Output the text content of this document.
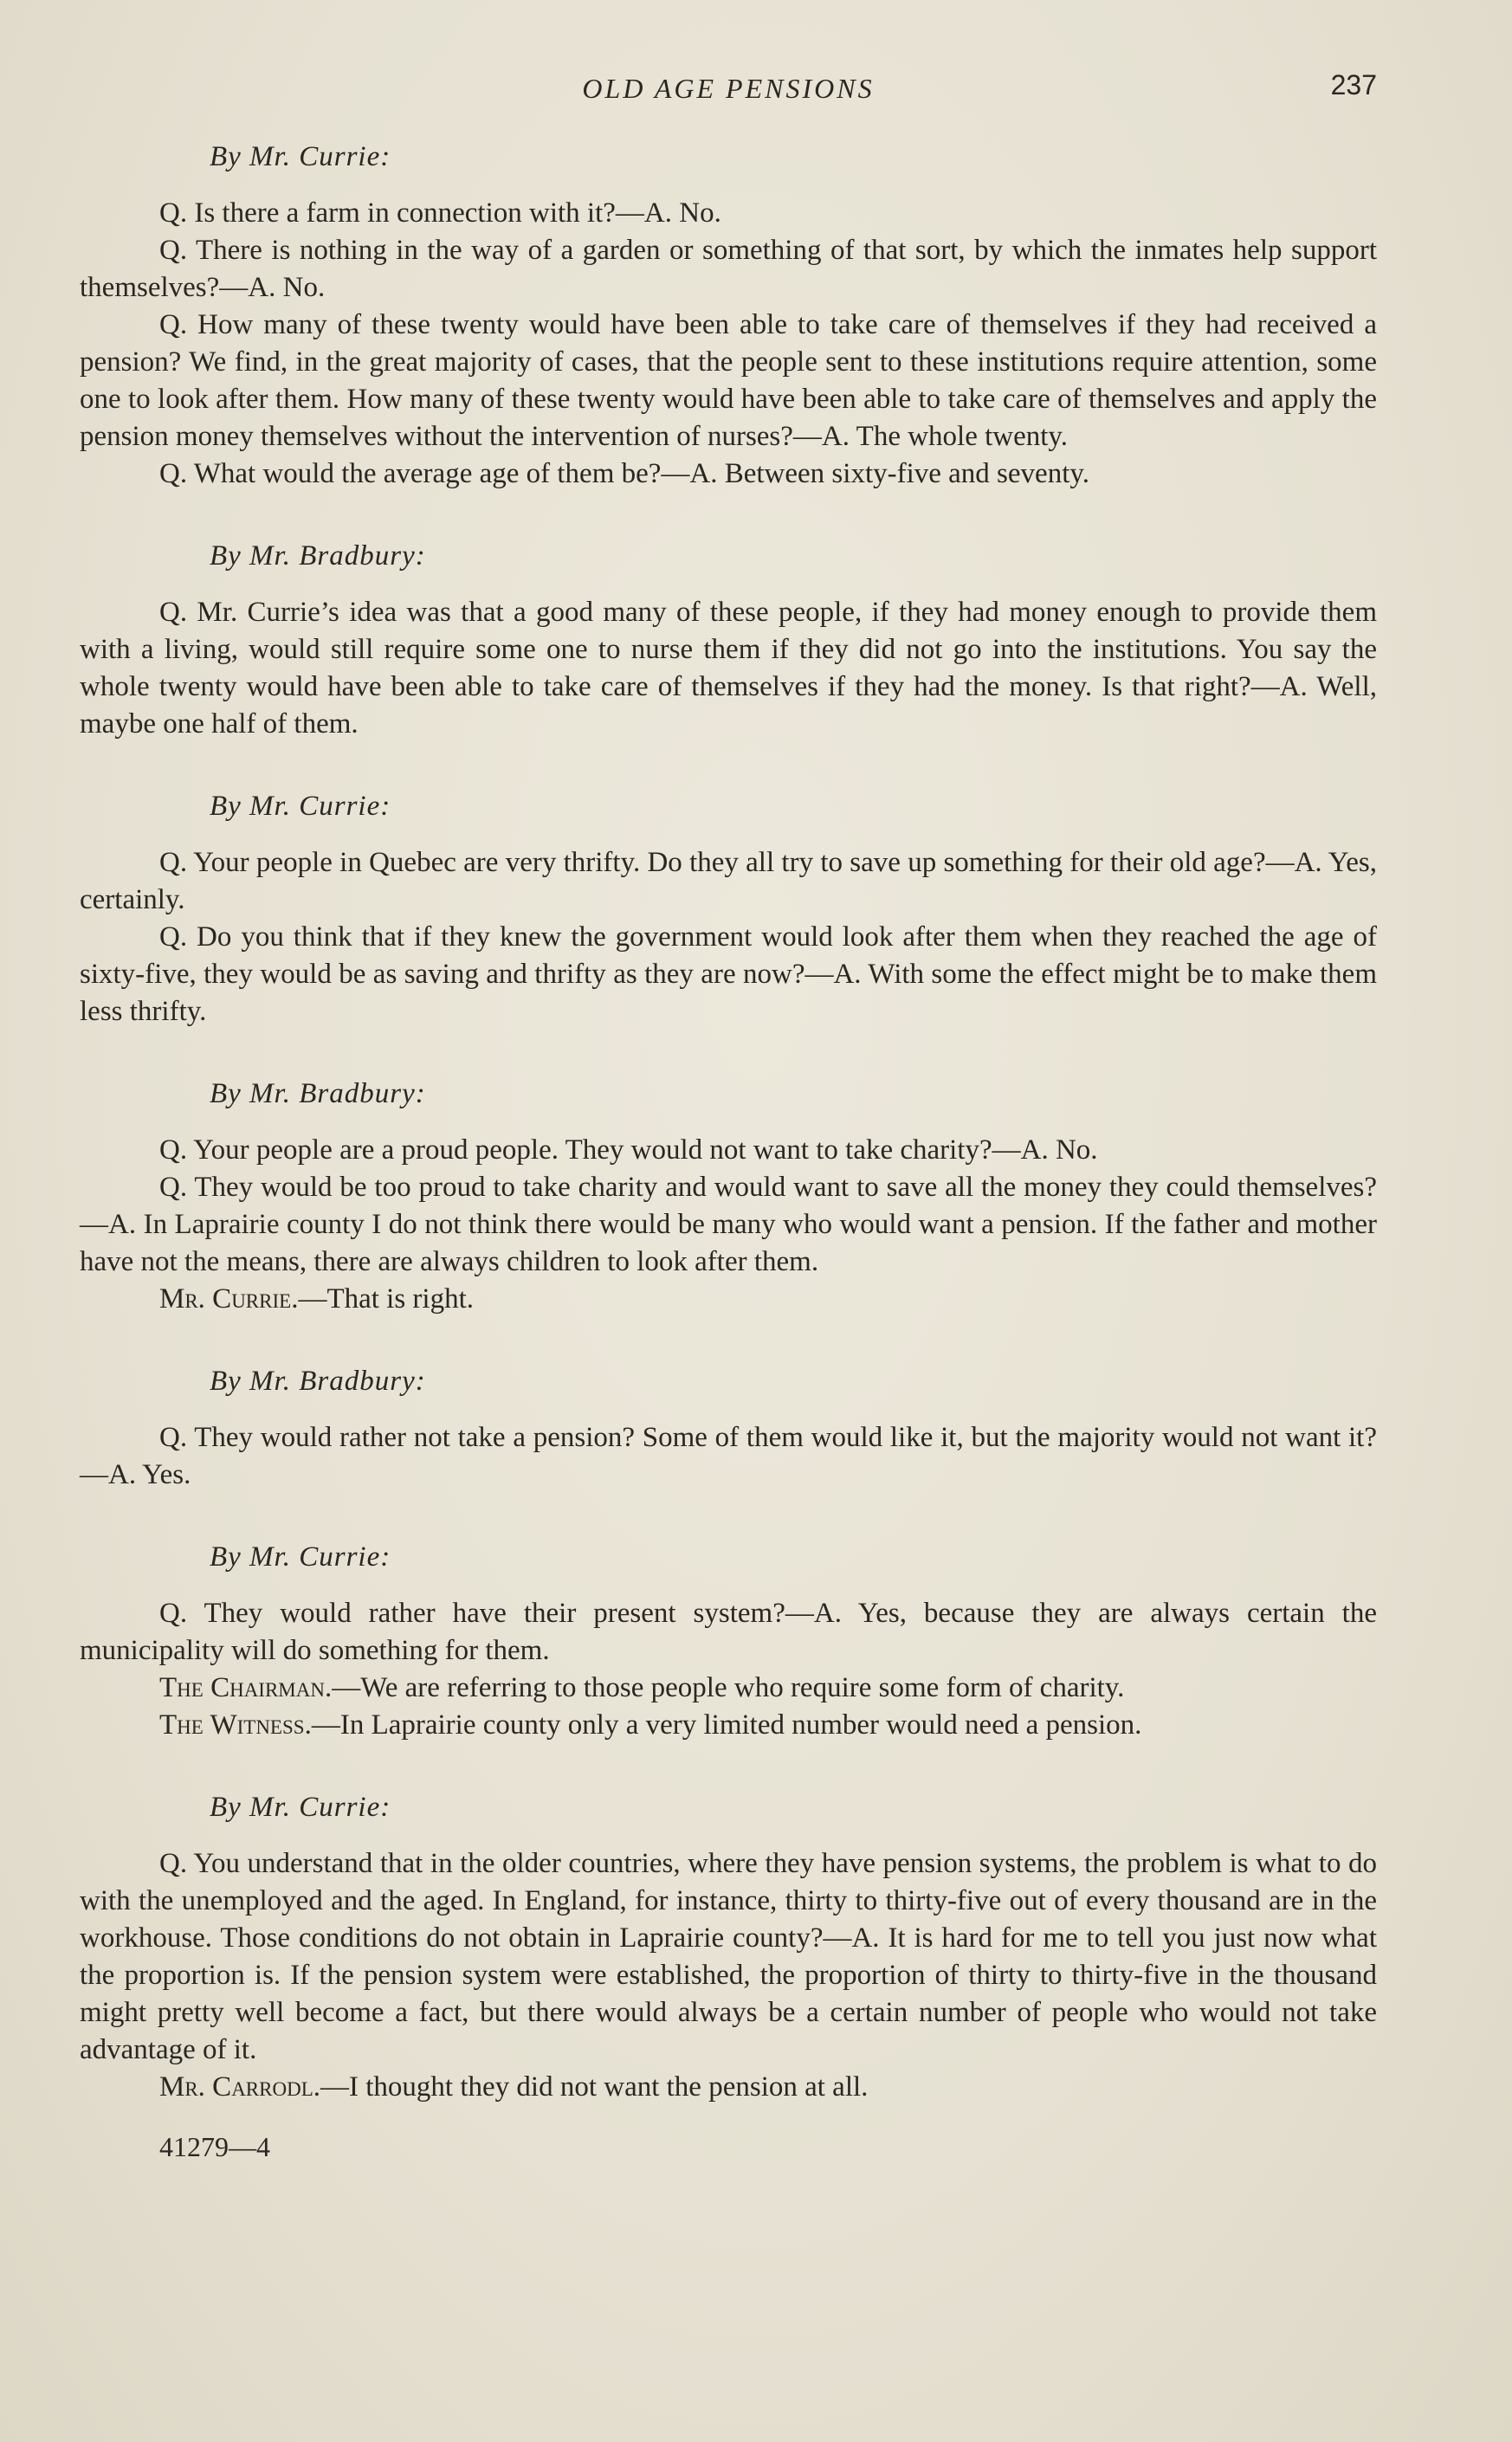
OLD AGE PENSIONS	237

By Mr. Currie:

Q. Is there a farm in connection with it?—A. No.

Q. There is nothing in the way of a garden or something of that sort, by which the inmates help support themselves?—A. No.

Q. How many of these twenty would have been able to take care of themselves if they had received a pension? We find, in the great majority of cases, that the people sent to these institutions require attention, some one to look after them. How many of these twenty would have been able to take care of themselves and apply the pension money themselves without the intervention of nurses?—A. The whole twenty.

Q. What would the average age of them be?—A. Between sixty-five and seventy.

By Mr. Bradbury:

Q. Mr. Currie’s idea was that a good many of these people, if they had money enough to provide them with a living, would still require some one to nurse them if they did not go into the institutions. You say the whole twenty would have been able to take care of themselves if they had the money. Is that right?—A. Well, maybe one half of them.

By Mr. Currie:

Q. Your people in Quebec are very thrifty. Do they all try to save up something for their old age?—A. Yes, certainly.

Q. Do you think that if they knew the government would look after them when they reached the age of sixty-five, they would be as saving and thrifty as they are now?—A. With some the effect might be to make them less thrifty.

By Mr. Bradbury:

Q. Your people are a proud people. They would not want to take charity?—A. No.

Q. They would be too proud to take charity and would want to save all the money they could themselves?—A. In Laprairie county I do not think there would be many who would want a pension. If the father and mother have not the means, there are always children to look after them.

Mr. Currie.—That is right.

By Mr. Bradbury:

Q. They would rather not take a pension? Some of them would like it, but the majority would not want it?—A. Yes.

By Mr. Currie:

Q. They would rather have their present system?—A. Yes, because they are always certain the municipality will do something for them.

The Chairman.—We are referring to those people who require some form of charity.

The Witness.—In Laprairie county only a very limited number would need a pension.

By Mr. Currie:

Q. You understand that in the older countries, where they have pension systems, the problem is what to do with the unemployed and the aged. In England, for instance, thirty to thirty-five out of every thousand are in the workhouse. Those conditions do not obtain in Laprairie county?—A. It is hard for me to tell you just now what the proportion is. If the pension system were established, the proportion of thirty to thirty-five in the thousand might pretty well become a fact, but there would always be a certain number of people who would not take advantage of it.

Mr. Carrodl.—I thought they did not want the pension at all.

41279—4
